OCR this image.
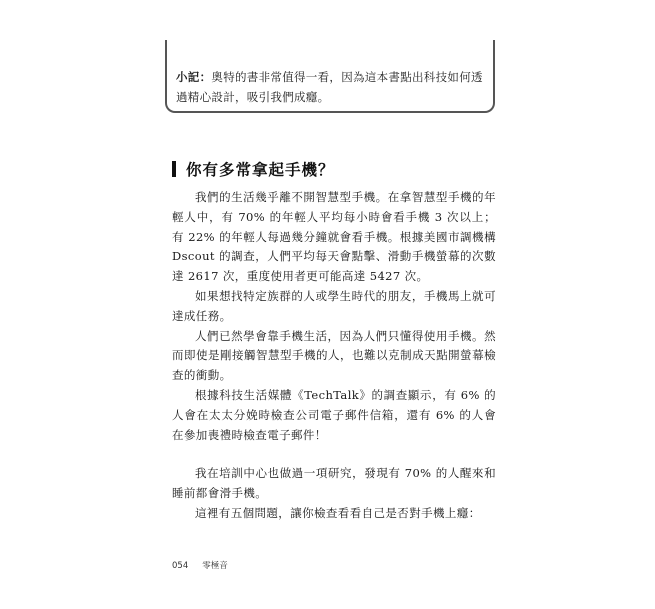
小記：奧特的書非常值得一看，因為這本書點出科技如何透過精心設計，吸引我們成癮。
你有多常拿起手機？

我們的生活幾乎離不開智慧型手機。在拿智慧型手機的年輕人中，有 70% 的年輕人平均每小時會看手機 3 次以上；有 22% 的年輕人每過幾分鐘就會看手機。根據美國市調機構 Dscout 的調查，人們平均每天會點擊、滑動手機螢幕的次數達 2617 次，重度使用者更可能高達 5427 次。

如果想找特定族群的人或學生時代的朋友，手機馬上就可達成任務。

人們已然學會靠手機生活，因為人們只懂得使用手機。然而即使是剛接觸智慧型手機的人，也難以克制成天點開螢幕檢查的衝動。

根據科技生活媒體《TechTalk》的調查顯示，有 6% 的人會在太太分娩時檢查公司電子郵件信箱，還有 6% 的人會在參加喪禮時檢查電子郵件！

我在培訓中心也做過一項研究，發現有 70% 的人醒來和睡前都會滑手機。

這裡有五個問題，讓你檢查看看自己是否對手機上癮：

054 零極音
